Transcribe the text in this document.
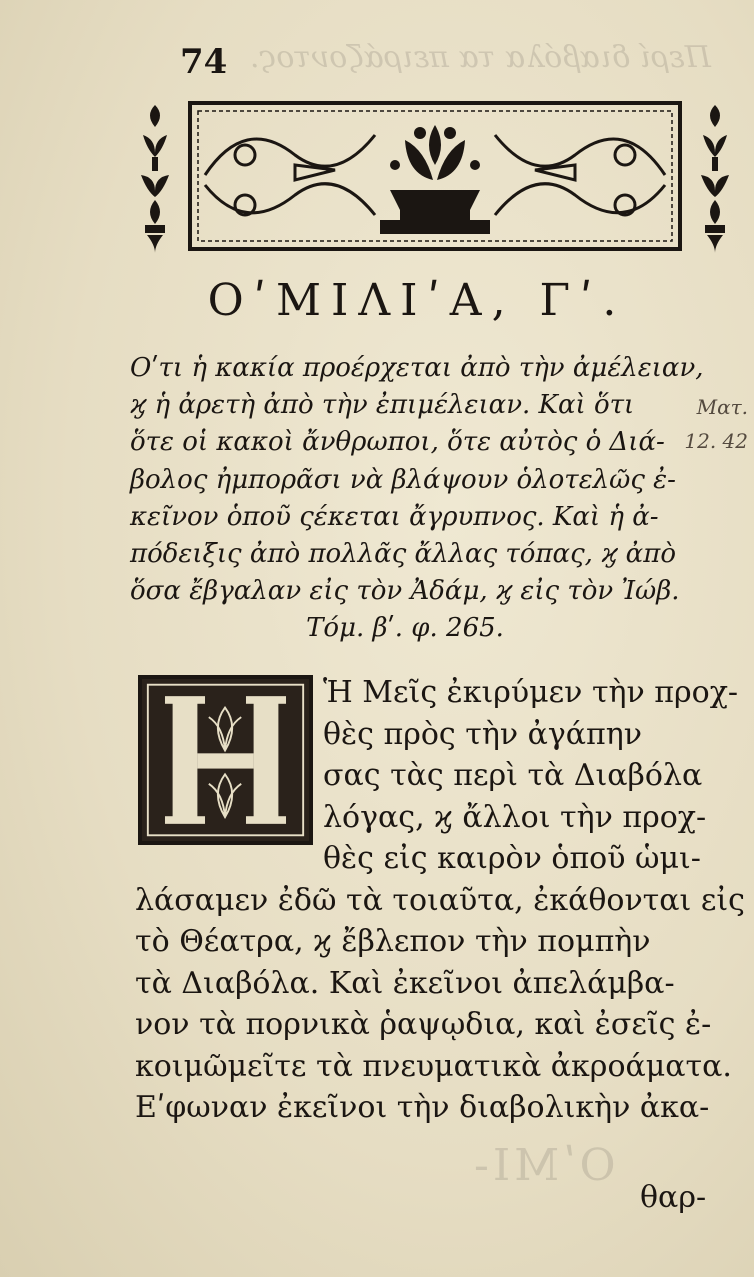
Περί διαβόλα τα πειράζοντος.
ΟʹΜΙ-
74
ΟʹΜΙΛΙʹΑ, Γʹ.
Οʹτι ἡ κακία προέρχεται ἀπὸ τὴν ἀμέλειαν,
ϗ ἡ ἀρετὴ ἀπὸ τὴν ἐπιμέλειαν. Καὶ ὅτι
ὅτε οἱ κακοὶ ἄνθρωποι, ὅτε αὐτὸς ὁ Διά-
βολος ἠμπορᾶσι νὰ βλάψουν ὁλοτελῶς ἐ-
κεῖνον ὁποῦ ςέκεται ἄγρυπνος. Καὶ ἡ ἀ-
πόδειξις ἀπὸ πολλᾶς ἄλλας τόπας, ϗ ἀπὸ
ὅσα ἔβγαλαν εἰς τὸν Ἀδάμ, ϗ εἰς τὸν Ἰώβ.
Τόμ. βʹ. φ. 265.
Ματ.
12. 42
Ἡ Μεῖς ἐκιρύμεν τὴν προχ-
θὲς πρὸς τὴν ἀγάπην
σας τὰς περὶ τὰ Διαβόλα
λόγας, ϗ ἄλλοι τὴν προχ-
θὲς εἰς καιρὸν ὁποῦ ὡμι-
λάσαμεν ἐδῶ τὰ τοιαῦτα, ἐκάθονται εἰς
τὸ Θέατρα, ϗ ἔβλεπον τὴν πομπὴν
τὰ Διαβόλα. Καὶ ἐκεῖνοι ἀπελάμβα-
νον τὰ πορνικὰ ῥαψῳδια, καὶ ἐσεῖς ἐ-
κοιμῶμεῖτε τὰ πνευματικὰ ἀκροάματα.
Εʹφωναν ἐκεῖνοι τὴν διαβολικὴν ἀκα-
θαρ-
